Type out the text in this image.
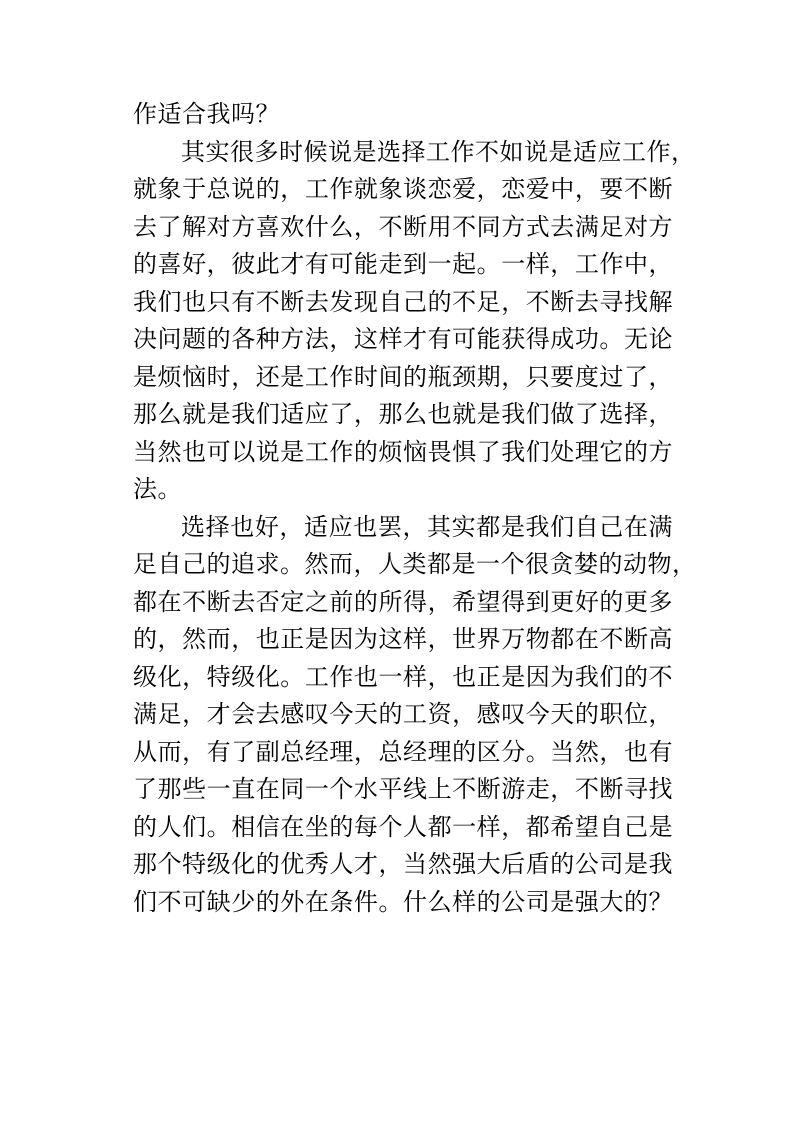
作适合我吗？
其实很多时候说是选择工作不如说是适应工作，
就象于总说的，工作就象谈恋爱，恋爱中，要不断
去了解对方喜欢什么，不断用不同方式去满足对方
的喜好，彼此才有可能走到一起。一样，工作中，
我们也只有不断去发现自己的不足，不断去寻找解
决问题的各种方法，这样才有可能获得成功。无论
是烦恼时，还是工作时间的瓶颈期，只要度过了，
那么就是我们适应了，那么也就是我们做了选择，
当然也可以说是工作的烦恼畏惧了我们处理它的方
法。
选择也好，适应也罢，其实都是我们自己在满
足自己的追求。然而，人类都是一个很贪婪的动物，
都在不断去否定之前的所得，希望得到更好的更多
的，然而，也正是因为这样，世界万物都在不断高
级化，特级化。工作也一样，也正是因为我们的不
满足，才会去感叹今天的工资，感叹今天的职位，
从而，有了副总经理，总经理的区分。当然，也有
了那些一直在同一个水平线上不断游走，不断寻找
的人们。相信在坐的每个人都一样，都希望自己是
那个特级化的优秀人才，当然强大后盾的公司是我
们不可缺少的外在条件。什么样的公司是强大的？
